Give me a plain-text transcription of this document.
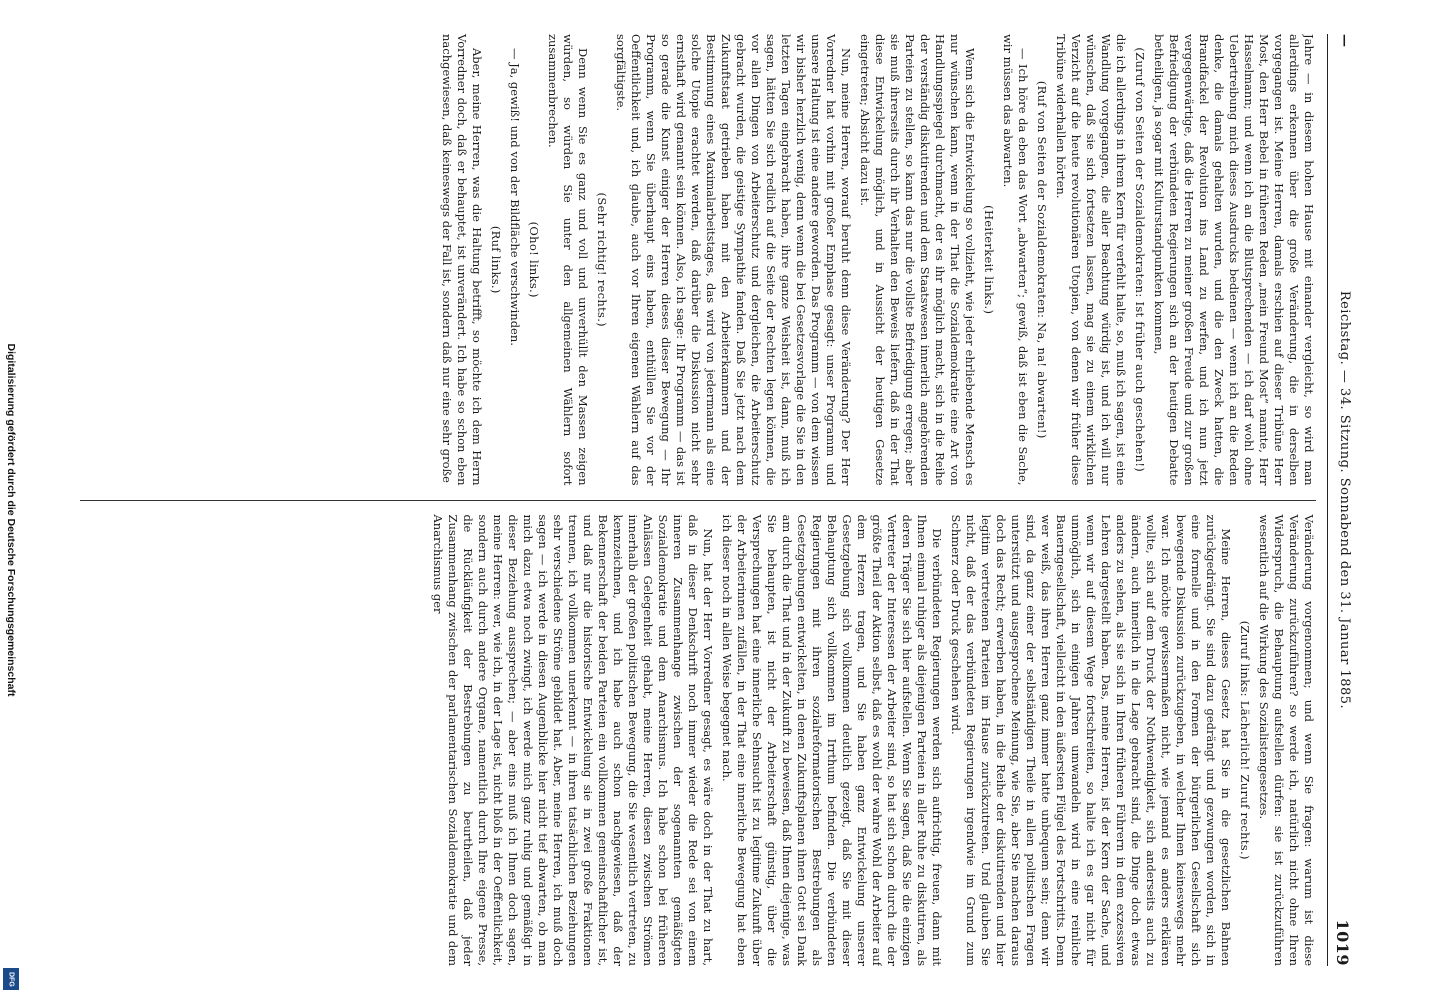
Digitalisierung gefördert durch die Deutsche Forschungsgemeinschaft
DFG
—
Reichstag. — 34. Sitzung. Sonnabend den 31. Januar 1885.
1019

Jahre — in diesem hohen Hause mit einander vergleicht, so wird man allerdings erkennen über die große Veränderung, die in derselben vorgegangen ist. Meine Herren, damals erschien auf dieser Tribüne Herr Most, den Herr Bebel in früheren Reden „mein Freund Most“ nannte, Herr Hasselmann; und wenn ich an die Blutsprechenden — ich darf wohl ohne Uebertreibung mich dieses Ausdrucks bedienen — wenn ich an die Reden denke, die damals gehalten wurden, und die den Zweck hatten, die Brandfackel der Revolution ins Land zu werfen, und ich nun jetzt vergegenwärtige, daß die Herren zu meiner großen Freude und zur großen Befriedigung der verbündeten Regierungen sich an der heutigen Debatte betheiligen, ja sogar mit Kulturstandpunkten kommen,

(Zuruf von Seiten der Sozialdemokraten: Ist früher auch geschehen!)

die ich allerdings in ihrem Kern für verfehlt halte, so, muß ich sagen, ist eine Wandlung vorgegangen, die aller Beachtung würdig ist, und ich will nur wünschen, daß sie sich fortsetzen lassen, mag sie zu einem wirklichen Verzicht auf die heute revolutionären Utopien, von denen wir früher diese Tribüne widerhallen hörten.

(Ruf von Seiten der Sozialdemokraten: Na, na! abwarten!)

— Ich höre da eben das Wort „abwarten“; gewiß, daß ist eben die Sache, wir müssen das abwarten.

(Heiterkeit links.)

Wenn sich die Entwickelung so vollzieht, wie jeder ehrliebende Mensch es nur wünschen kann, wenn in der That die Sozialdemokratie eine Art von Handlungsspiegel durchmacht, der es ihr möglich macht, sich in die Reihe der verständig diskutirenden und dem Staatswesen innerlich angehörenden Parteien zu stellen, so kann das nur die vollste Befriedigung erregen; aber sie muß ihrerseits durch ihr Verhalten den Beweis liefern, daß in der That diese Entwickelung möglich, und in Aussicht der heutigen Gesetze eingetreten; Absicht dazu ist.

Nun, meine Herren, worauf beruht denn diese Veränderung? Der Herr Vorredner hat vorhin mit großer Emphase gesagt: unser Programm und unsere Haltung ist eine andere geworden. Das Programm — von dem wissen wir bisher herzlich wenig, denn wenn die bei Gesetzesvorlage die Sie in den letzten Tagen eingebracht haben, ihre ganze Weisheit ist, dann, muß ich sagen, hätten Sie sich redlich auf die Seite der Rechten legen können, die vor allen Dingen von Arbeiterschutz und dergleichen, die Arbeiterschutz gebracht wurden, die geistige Sympathie fanden. Daß Sie jetzt nach dem Zukunftstaat getrieben haben mit den Arbeiterkammern und der Bestimmung eines Maximalarbeitstages, das wird von jedermann als eine solche Utopie erachtet werden, daß darüber die Diskussion nicht sehr ernsthaft wird genannt sein können. Also, ich sage: Ihr Programm — das ist so gerade die Kunst einiger der Herren dieses dieser Bewegung — Ihr Programm, wenn Sie überhaupt eins haben, enthüllen Sie vor der Oeffentlichkeit und, ich glaube, auch vor Ihren eigenen Wählern auf das sorgfältigste.

(Sehr richtig! rechts.)

Denn wenn Sie es ganz und voll und unverhüllt den Massen zeigen würden, so würden Sie unter den allgemeinen Wählern sofort zusammenbrechen.

(Oho! links.)

— Ja, gewiß! und von der Bildfläche verschwinden.

(Ruf links.)

Aber, meine Herren, was die Haltung betrifft, so möchte ich dem Herrn Vorredner doch, daß er behauptet, ist unverändert. Ich habe so schon eben nachgewiesen, daß keineswegs der Fall ist, sondern daß nur eine sehr große

Veränderung vorgenommen; und wenn Sie fragen: warum ist diese Veränderung zurückzuführen? so werde ich, natürlich nicht ohne Ihren Widerspruch, die Behauptung aufstellen dürfen: sie ist zurückzuführen wesentlich auf die Wirkung des Sozialistengesetzes.

(Zuruf links: Lächerlich! Zuruf rechts.)

Meine Herren, dieses Gesetz hat Sie in die gesetzlichen Bahnen zurückgedrängt. Sie sind dazu gedrängt und gezwungen worden, sich in eine formelle und in den Formen der bürgerlichen Gesellschaft sich bewegende Diskussion zurückzugeben, in welcher Ihnen keineswegs mehr war. Ich möchte gewissermaßen nicht, wie jemand es anders erklären wollte, sich auf dem Druck der Nothwendigkeit, sich anderseits auch zu ändern, auch innerlich in die Lage gebracht sind, die Dinge doch etwas anders zu sehen, als sie sich in Ihren früheren Führern in dem exzessiven Lehren dargestellt haben. Das, meine Herren, ist der Kern der Sache, und wenn wir auf diesem Wege fortschreiten, so halte ich es gar nicht für unmöglich, sich in einigen Jahren umwandeln wird in eine reinliche Bauerngesellschaft, vielleicht in den äußersten Flügel des Fortschritts. Denn wer weiß, das ihren Herren ganz immer hatte unbequem sein; denn wir sind, da ganz einer der selbständigen Theile in allen politischen Fragen unterstützt und ausgesprochene Meinung, wie Sie, aber Sie machen daraus doch das Recht; erwerben haben, in die Reihe der diskutirenden und hier legitim vertretenen Parteien im Hause zurückzutreten. Und glauben Sie nicht, daß der das verbündeten Regierungen irgendwie im Grund zum Schmerz oder Druck geschehen wird.

Die verbündeten Regierungen werden sich aufrichtig, freuen, dann mit Ihnen einmal ruhiger als diejenigen Parteien in aller Ruhe zu diskutiren, als deren Träger Sie sich hier aufstellen. Wenn Sie sagen, daß Sie die einzigen Vertreter der Interessen der Arbeiter sind, so hat sich schon durch die der größte Theil der Aktion selbst, daß es wohl der wahre Wohl der Arbeiter auf dem Herzen tragen, und Sie haben ganz Entwickelung unserer Gesetzgebung sich vollkommen deutlich gezeigt, daß Sie mit dieser Behauptung sich vollkommen im Irrthum befinden. Die verbündeten Regierungen mit ihren sozialreformatorischen Bestrebungen als Gesetzgebungen entwickelten, in denen Zukunftsplanen ihnen Gott sei Dank am durch die That und in der Zukunft zu beweisen, daß Ihnen diejenige, was Sie behaupten, ist nicht der Arbeiterschaft günstig, über die Versprechungen hat eine innerliche Sehnsucht ist zu legitime Zukunft über der Arbeiterinnen zufällen, in der That eine innerliche Bewegung hat eben ich dieser noch in allen Weise begegnet nach.

Nun, hat der Herr Vorredner gesagt, es wäre doch in der That zu hart, daß in dieser Denkschrift noch immer wieder die Rede sei von einem inneren Zusammenhange zwischen der sogenannten gemäßigten Sozialdemokratie und dem Anarchismus. Ich habe schon bei früheren Anlässen Gelegenheit gehabt, meine Herren, diesen zwischen Strömen innerhalb der großen politischen Bewegung, die Sie wesentlich vertreten, zu kennzeichnen, und ich habe auch schon nachgewiesen, daß der Bekennerschaft der beiden Parteien ein vollkommen gemeinschaftlicher ist, und daß nur die historische Entwickelung sie in zwei große Fraktionen trennen, ich vollkommen unerkennt — in ihren tatsächlichen Beziehungen sehr verschiedene Ströme gebildet hat. Aber, meine Herren, ich muß doch sagen — ich werde in diesen Augenblicke hier nicht tief abwarten, ob man mich dazu etwa noch zwingt, ich werde mich ganz ruhig und gemäßigt in dieser Beziehung aussprechen; — aber eins muß ich Ihnen doch sagen, meine Herren: wer, wie ich, in der Lage ist, nicht bloß in der Oeffentlichkeit, sondern auch durch andere Organe, namentlich durch Ihre eigene Presse, die Rückläufigkeit der Bestrebungen zu beurtheilen, daß jeder Zusammenhang zwischen der parlamentarischen Sozialdemokratie und dem Anarchismus ger
